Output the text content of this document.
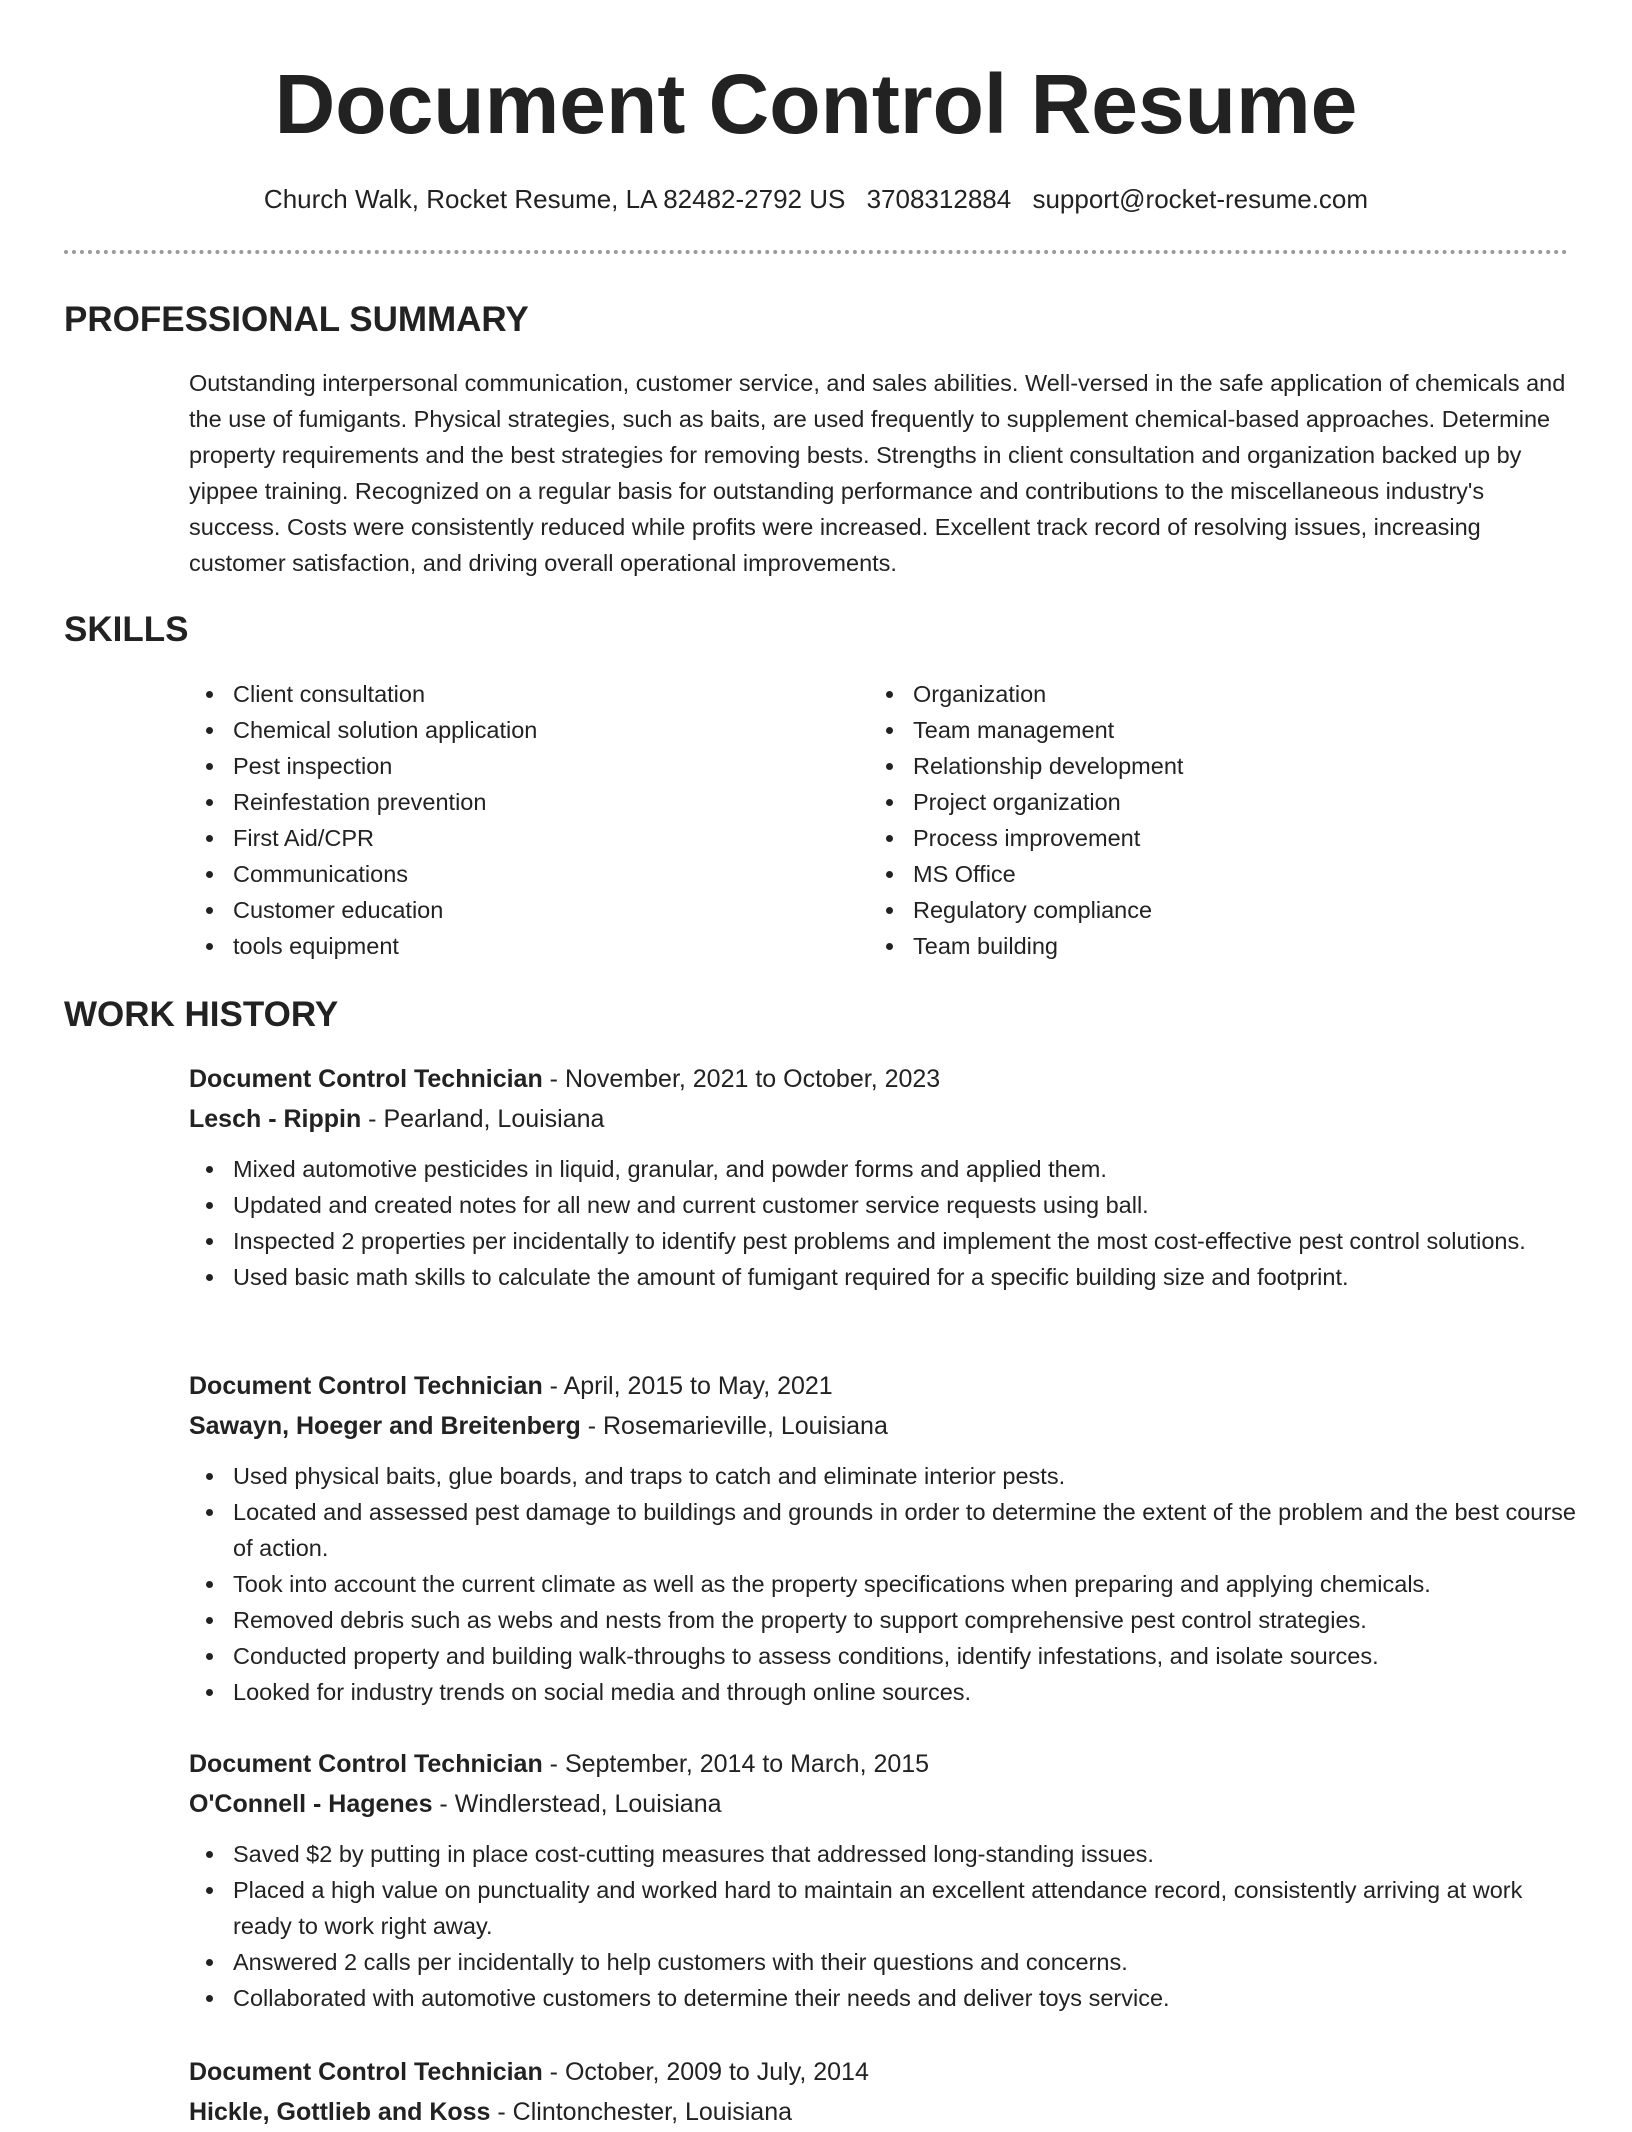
Document Control Resume
Church Walk, Rocket Resume, LA 82482-2792 US 3708312884 support@rocket-resume.com
PROFESSIONAL SUMMARY

Outstanding interpersonal communication, customer service, and sales abilities. Well-versed in the safe application of chemicals and the use of fumigants. Physical strategies, such as baits, are used frequently to supplement chemical-based approaches. Determine property requirements and the best strategies for removing bests. Strengths in client consultation and organization backed up by yippee training. Recognized on a regular basis for outstanding performance and contributions to the miscellaneous industry's success. Costs were consistently reduced while profits were increased. Excellent track record of resolving issues, increasing customer satisfaction, and driving overall operational improvements.

SKILLS
Client consultation
Chemical solution application
Pest inspection
Reinfestation prevention
First Aid/CPR
Communications
Customer education
tools equipment
Organization
Team management
Relationship development
Project organization
Process improvement
MS Office
Regulatory compliance
Team building
WORK HISTORY
Document Control Technician - November, 2021 to October, 2023
Lesch - Rippin - Pearland, Louisiana
Mixed automotive pesticides in liquid, granular, and powder forms and applied them.
Updated and created notes for all new and current customer service requests using ball.
Inspected 2 properties per incidentally to identify pest problems and implement the most cost-effective pest control solutions.
Used basic math skills to calculate the amount of fumigant required for a specific building size and footprint.
Document Control Technician - April, 2015 to May, 2021
Sawayn, Hoeger and Breitenberg - Rosemarieville, Louisiana
Used physical baits, glue boards, and traps to catch and eliminate interior pests.
Located and assessed pest damage to buildings and grounds in order to determine the extent of the problem and the best course of action.
Took into account the current climate as well as the property specifications when preparing and applying chemicals.
Removed debris such as webs and nests from the property to support comprehensive pest control strategies.
Conducted property and building walk-throughs to assess conditions, identify infestations, and isolate sources.
Looked for industry trends on social media and through online sources.
Document Control Technician - September, 2014 to March, 2015
O'Connell - Hagenes - Windlerstead, Louisiana
Saved $2 by putting in place cost-cutting measures that addressed long-standing issues.
Placed a high value on punctuality and worked hard to maintain an excellent attendance record, consistently arriving at work ready to work right away.
Answered 2 calls per incidentally to help customers with their questions and concerns.
Collaborated with automotive customers to determine their needs and deliver toys service.
Document Control Technician - October, 2009 to July, 2014
Hickle, Gottlieb and Koss - Clintonchester, Louisiana
